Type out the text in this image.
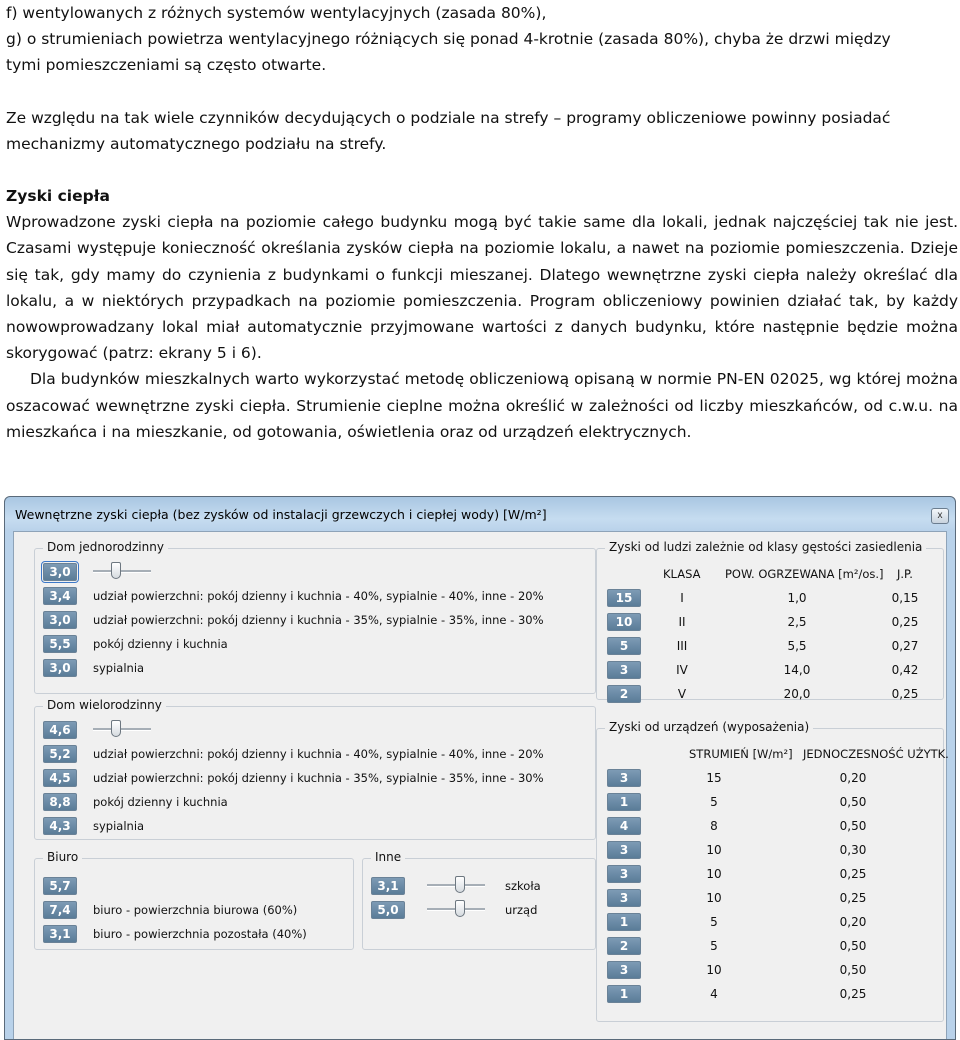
f) wentylowanych z różnych systemów wentylacyjnych (zasada 80%),

g) o strumieniach powietrza wentylacyjnego różniących się ponad 4-krotnie (zasada 80%), chyba że drzwi między

tymi pomieszczeniami są często otwarte.

Ze względu na tak wiele czynników decydujących o podziale na strefy – programy obliczeniowe powinny posiadać

mechanizmy automatycznego podziału na strefy.

Zyski ciepła

Wprowadzone zyski ciepła na poziomie całego budynku mogą być takie same dla lokali, jednak najczęściej tak nie jest. Czasami występuje konieczność określania zysków ciepła na poziomie lokalu, a nawet na poziomie pomieszczenia. Dzieje się tak, gdy mamy do czynienia z budynkami o funkcji mieszanej. Dlatego wewnętrzne zyski ciepła należy określać dla lokalu, a w niektórych przypadkach na poziomie pomieszczenia. Program obliczeniowy powinien działać tak, by każdy nowowprowadzany lokal miał automatycznie przyjmowane wartości z danych budynku, które następnie będzie można skorygować (patrz: ekrany 5 i 6).

Dla budynków mieszkalnych warto wykorzystać metodę obliczeniową opisaną w normie PN-EN 02025, wg której można oszacować wewnętrzne zyski ciepła. Strumienie cieplne można określić w zależności od liczby mieszkańców, od c.w.u. na mieszkańca i na mieszkanie, od gotowania, oświetlenia oraz od urządzeń elektrycznych.

Wewnętrzne zyski ciepła (bez zysków od instalacji grzewczych i ciepłej wody) [W/m²]	x
Dom jednorodzinny
3,0
3,4	udział powierzchni: pokój dzienny i kuchnia - 40%, sypialnie - 40%, inne - 20%
3,0	udział powierzchni: pokój dzienny i kuchnia - 35%, sypialnie - 35%, inne - 30%
5,5	pokój dzienny i kuchnia
3,0	sypialnia
Dom wielorodzinny
4,6
5,2	udział powierzchni: pokój dzienny i kuchnia - 40%, sypialnie - 40%, inne - 20%
4,5	udział powierzchni: pokój dzienny i kuchnia - 35%, sypialnie - 35%, inne - 30%
8,8	pokój dzienny i kuchnia
4,3	sypialnia
Biuro
5,7
7,4	biuro - powierzchnia biurowa (60%)
3,1	biuro - powierzchnia pozostała (40%)
Inne
3,1	szkoła
5,0	urząd
Zyski od ludzi zależnie od klasy gęstości zasiedlenia
KLASA POW. OGRZEWANA [m²/os.] J.P.
15	I	1,0	0,15
10	II	2,5	0,25
5	III	5,5	0,27
3	IV	14,0	0,42
2	V	20,0	0,25
Zyski od urządzeń (wyposażenia)
STRUMIEŃ [W/m²] JEDNOCZESNOŚĆ UŻYTK.
3	15	0,20
1	5	0,50
4	8	0,50
3	10	0,30
3	10	0,25
3	10	0,25
1	5	0,20
2	5	0,50
3	10	0,50
1	4	0,25
